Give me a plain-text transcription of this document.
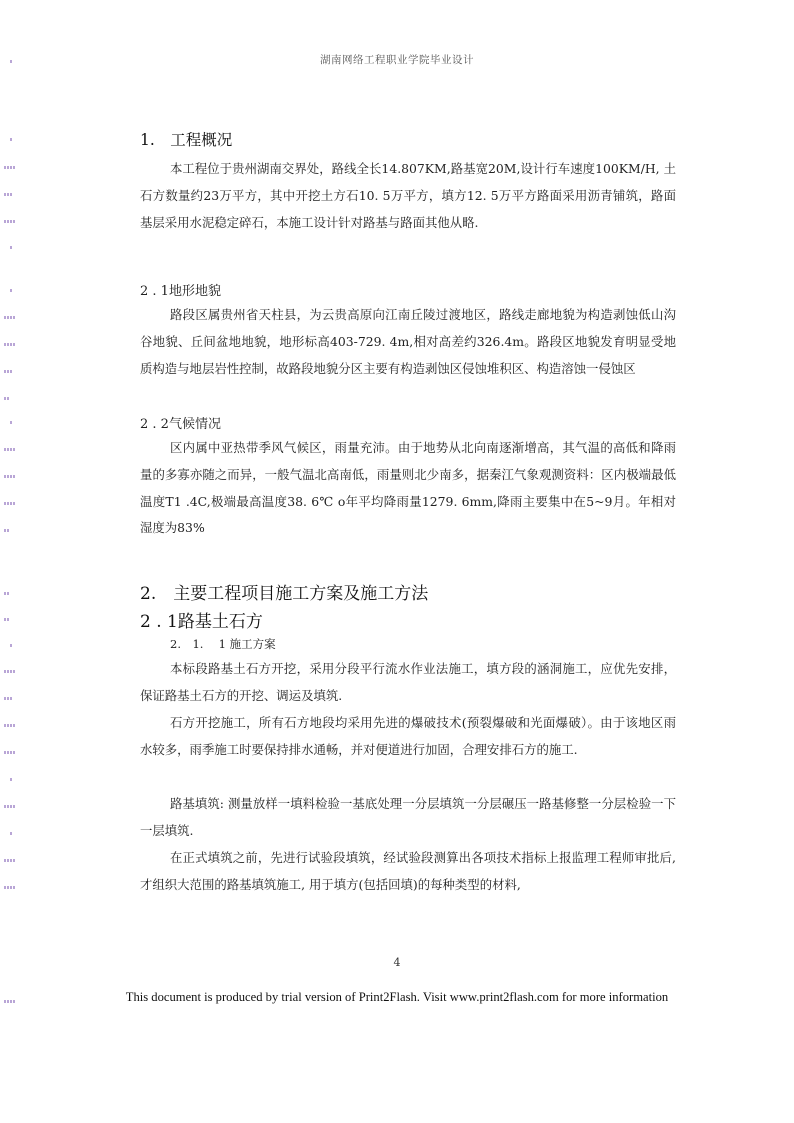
湖南网络工程职业学院毕业设计
1.　工程概况
本工程位于贵州湖南交界处，路线全长14.807KM,路基宽20M,设计行车速度100KM/H, 土石方数量约23万平方，其中开挖土方石10. 5万平方，填方12. 5万平方路面采用沥青铺筑，路面基层采用水泥稳定碎石，本施工设计针对路基与路面其他从略.
2 . 1地形地貌
路段区属贵州省天柱县，为云贵高原向江南丘陵过渡地区，路线走廊地貌为构造剥蚀低山沟谷地貌、丘间盆地地貌，地形标高403-729. 4m,相对高差约326.4m。路段区地貌发育明显受地质构造与地层岩性控制，故路段地貌分区主要有构造剥蚀区侵蚀堆积区、构造溶蚀一侵蚀区
2 . 2气候情况
区内属中亚热带季风气候区，雨量充沛。由于地势从北向南逐渐增高，其气温的高低和降雨量的多寡亦随之而异，一般气温北高南低，雨量则北少南多，据秦江气象观测资料：区内极端最低温度T1 .4C,极端最高温度38. 6℃ o年平均降雨量1279. 6mm,降雨主要集中在5~9月。年相对湿度为83%
2.　主要工程项目施工方案及施工方法
2 . 1路基土石方
2.　1.　 1 施工方案
本标段路基土石方开挖，采用分段平行流水作业法施工，填方段的涵洞施工，应优先安排，保证路基土石方的开挖、调运及填筑.
石方开挖施工，所有石方地段均采用先进的爆破技术(预裂爆破和光面爆破）。由于该地区雨水较多，雨季施工时要保持排水通畅，并对便道进行加固，合理安排石方的施工.
路基填筑: 测量放样一填料检验一基底处理一分层填筑一分层碾压一路基修整一分层检验一下一层填筑.
在正式填筑之前，先进行试验段填筑，经试验段测算出各项技术指标上报监理工程师审批后, 才组织大范围的路基填筑施工, 用于填方(包括回填)的每种类型的材料,
4
This document is produced by trial version of Print2Flash. Visit www.print2flash.com for more information
